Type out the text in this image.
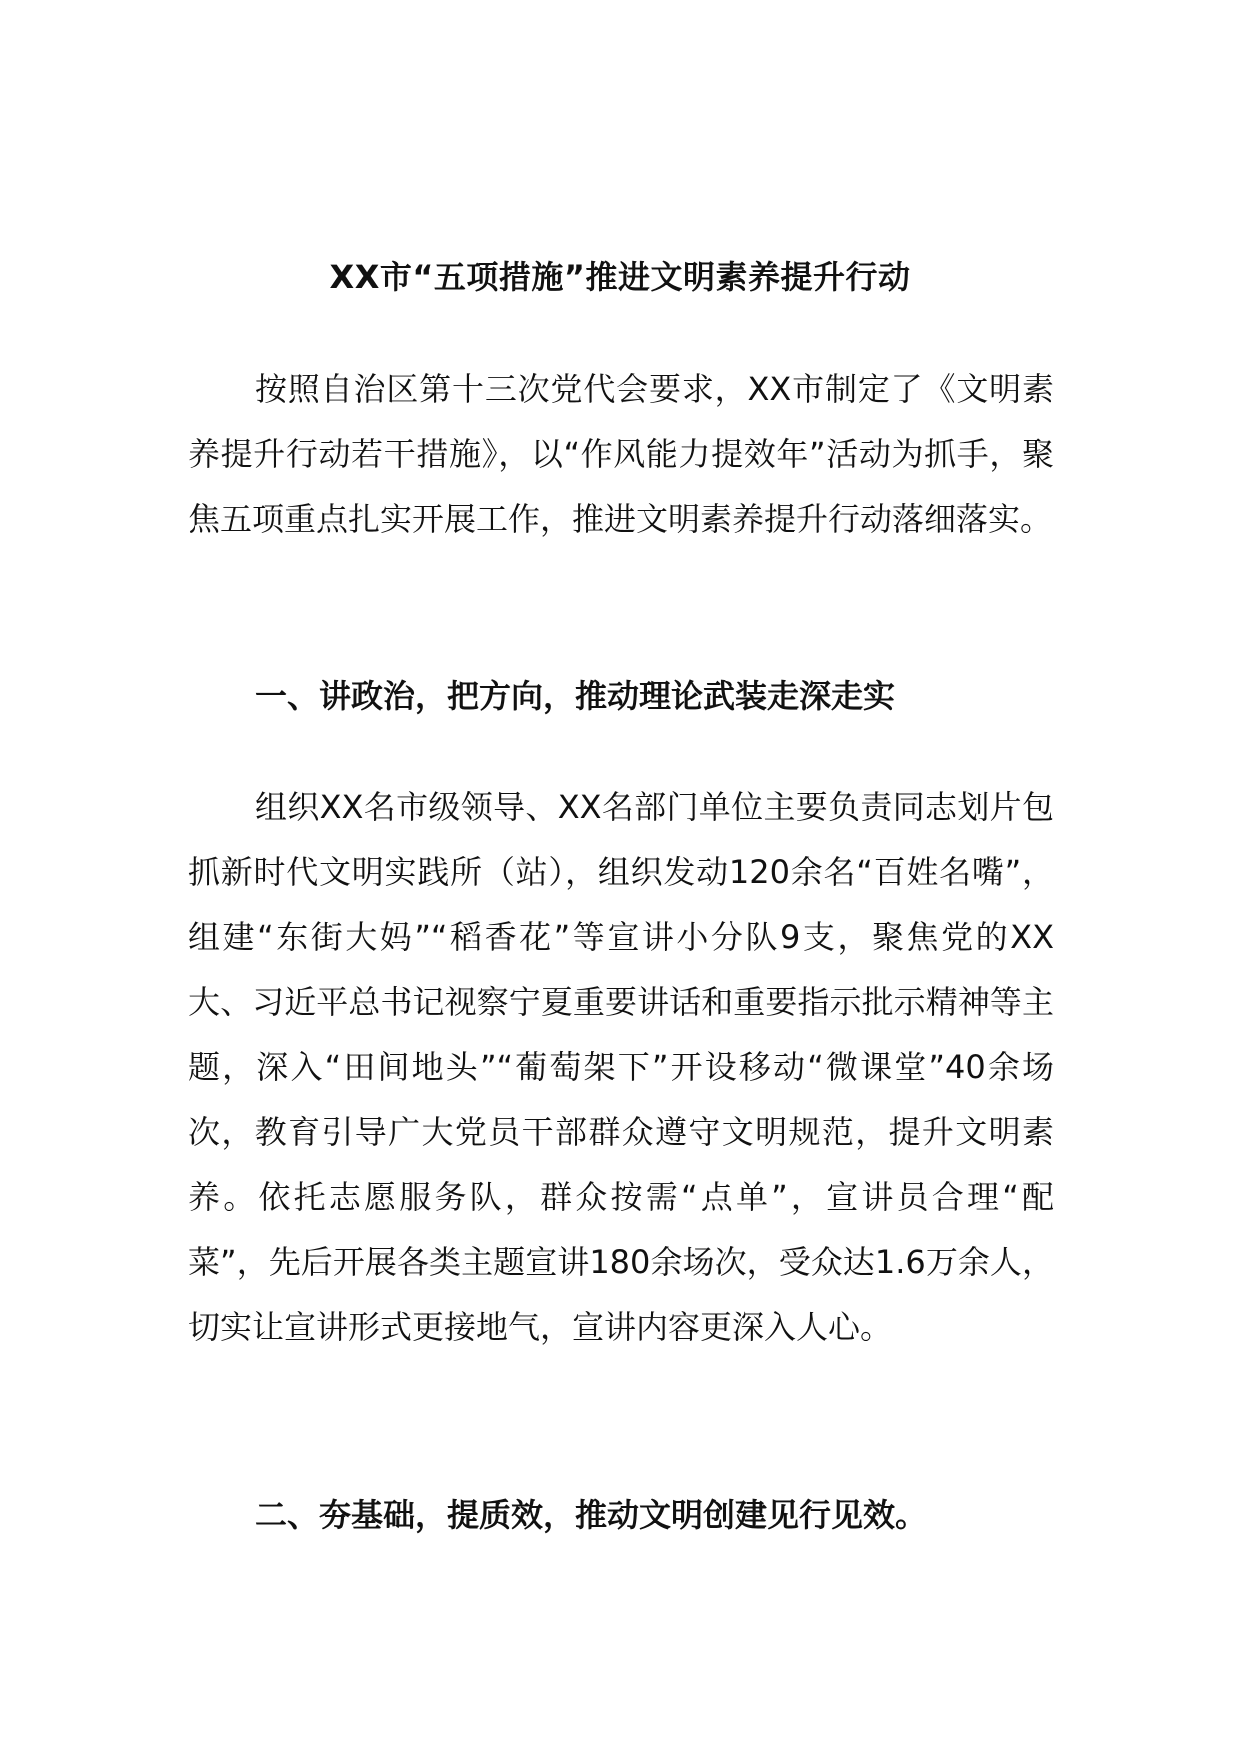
XX市“五项措施”推进文明素养提升行动

按照自治区第十三次党代会要求，XX市制定了《文明素养提升行动若干措施》，以“作风能力提效年”活动为抓手，聚焦五项重点扎实开展工作，推进文明素养提升行动落细落实。

一、讲政治，把方向，推动理论武装走深走实

组织XX名市级领导、XX名部门单位主要负责同志划片包抓新时代文明实践所（站），组织发动120余名“百姓名嘴”，组建“东街大妈”“稻香花”等宣讲小分队9支，聚焦党的XX大、习近平总书记视察宁夏重要讲话和重要指示批示精神等主题，深入“田间地头”“葡萄架下”开设移动“微课堂”40余场次，教育引导广大党员干部群众遵守文明规范，提升文明素养。依托志愿服务队，群众按需“点单”，宣讲员合理“配菜”，先后开展各类主题宣讲180余场次，受众达1.6万余人，切实让宣讲形式更接地气，宣讲内容更深入人心。

二、夯基础，提质效，推动文明创建见行见效。
